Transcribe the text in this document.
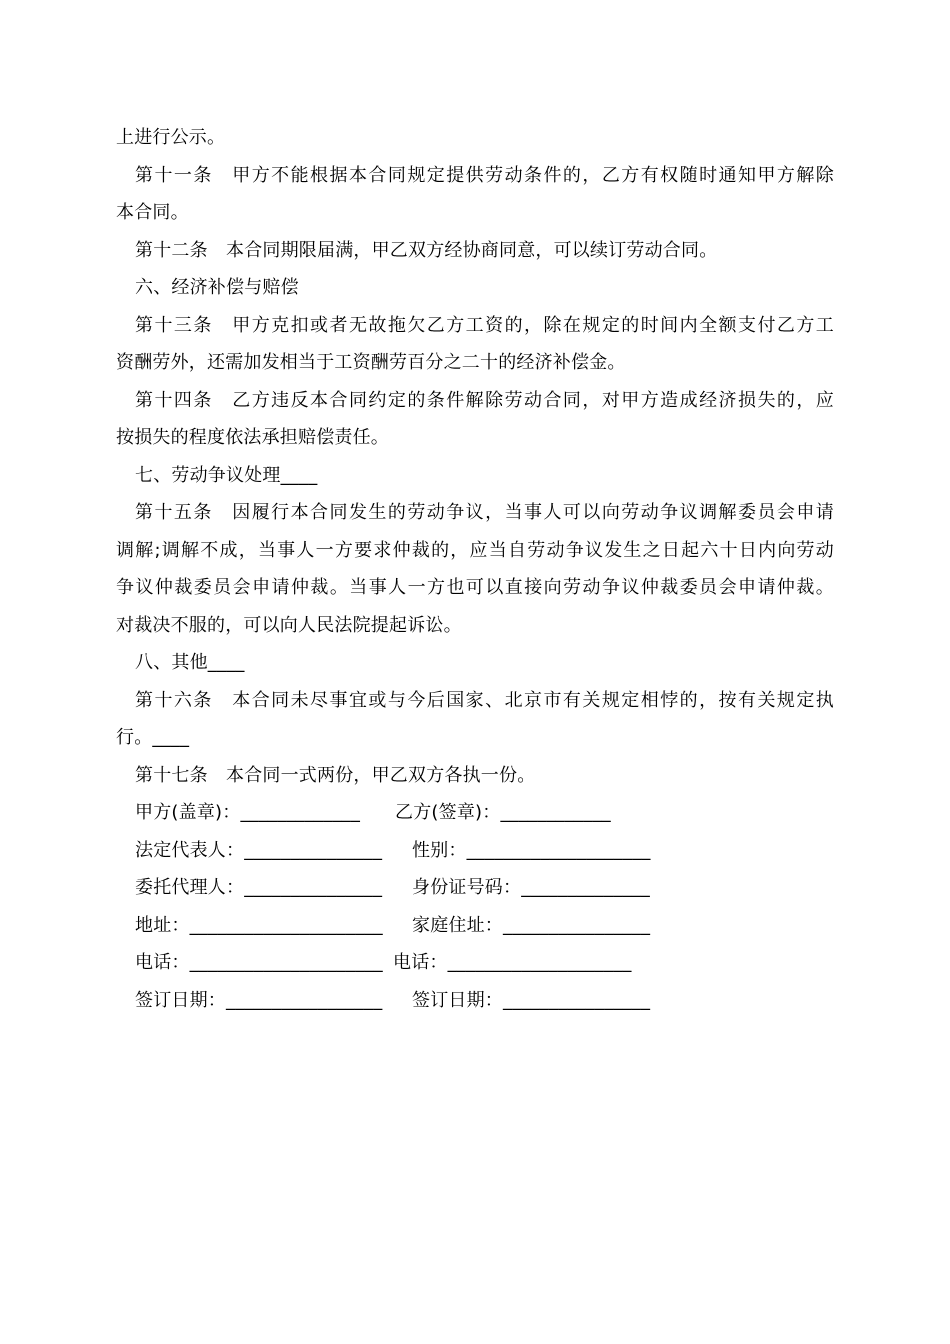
上进行公示。
第十一条　甲方不能根据本合同规定提供劳动条件的，乙方有权随时通知甲方解除
本合同。
第十二条　本合同期限届满，甲乙双方经协商同意，可以续订劳动合同。
六、经济补偿与赔偿
第十三条　甲方克扣或者无故拖欠乙方工资的，除在规定的时间内全额支付乙方工
资酬劳外，还需加发相当于工资酬劳百分之二十的经济补偿金。
第十四条　乙方违反本合同约定的条件解除劳动合同，对甲方造成经济损失的，应
按损失的程度依法承担赔偿责任。
七、劳动争议处理____
第十五条　因履行本合同发生的劳动争议，当事人可以向劳动争议调解委员会申请
调解;调解不成，当事人一方要求仲裁的，应当自劳动争议发生之日起六十日内向劳动
争议仲裁委员会申请仲裁。当事人一方也可以直接向劳动争议仲裁委员会申请仲裁。
对裁决不服的，可以向人民法院提起诉讼。
八、其他____
第十六条　本合同未尽事宜或与今后国家、北京市有关规定相悖的，按有关规定执
行。____
第十七条　本合同一式两份，甲乙双方各执一份。
甲方(盖章)：_____________ 乙方(签章)：____________
法定代表人：_______________ 性别：____________________
委托代理人：_______________ 身份证号码：______________
地址：_____________________ 家庭住址：________________
电话：_____________________ 电话：____________________
签订日期：_________________ 签订日期：________________
